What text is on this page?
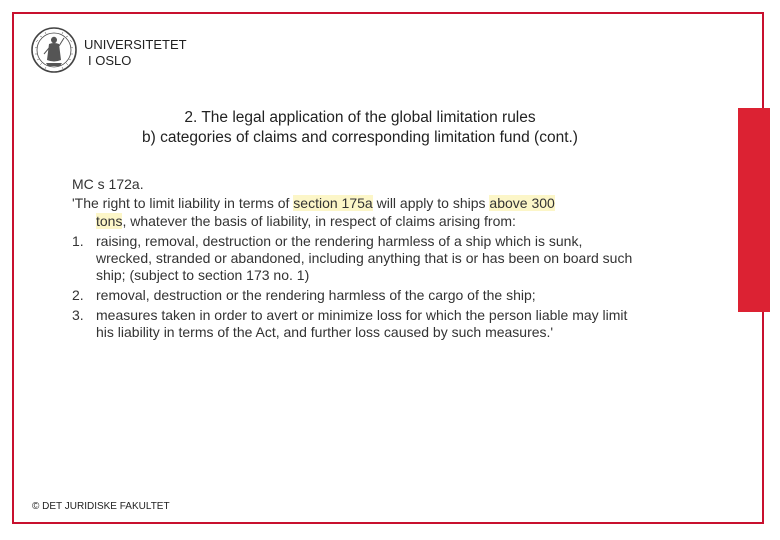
UNIVERSITETET
I OSLO
2. The legal application of the global limitation rules
b) categories of claims and corresponding limitation fund (cont.)

MC s 172a.

'The right to limit liability in terms of section 175a will apply to ships above 300
tons, whatever the basis of liability, in respect of claims arising from:

1. raising, removal, destruction or the rendering harmless of a ship which is sunk, wrecked, stranded or abandoned, including anything that is or has been on board such ship; (subject to section 173 no. 1)
2. removal, destruction or the rendering harmless of the cargo of the ship;
3. measures taken in order to avert or minimize loss for which the person liable may limit his liability in terms of the Act, and further loss caused by such measures.'
© DET JURIDISKE FAKULTET
